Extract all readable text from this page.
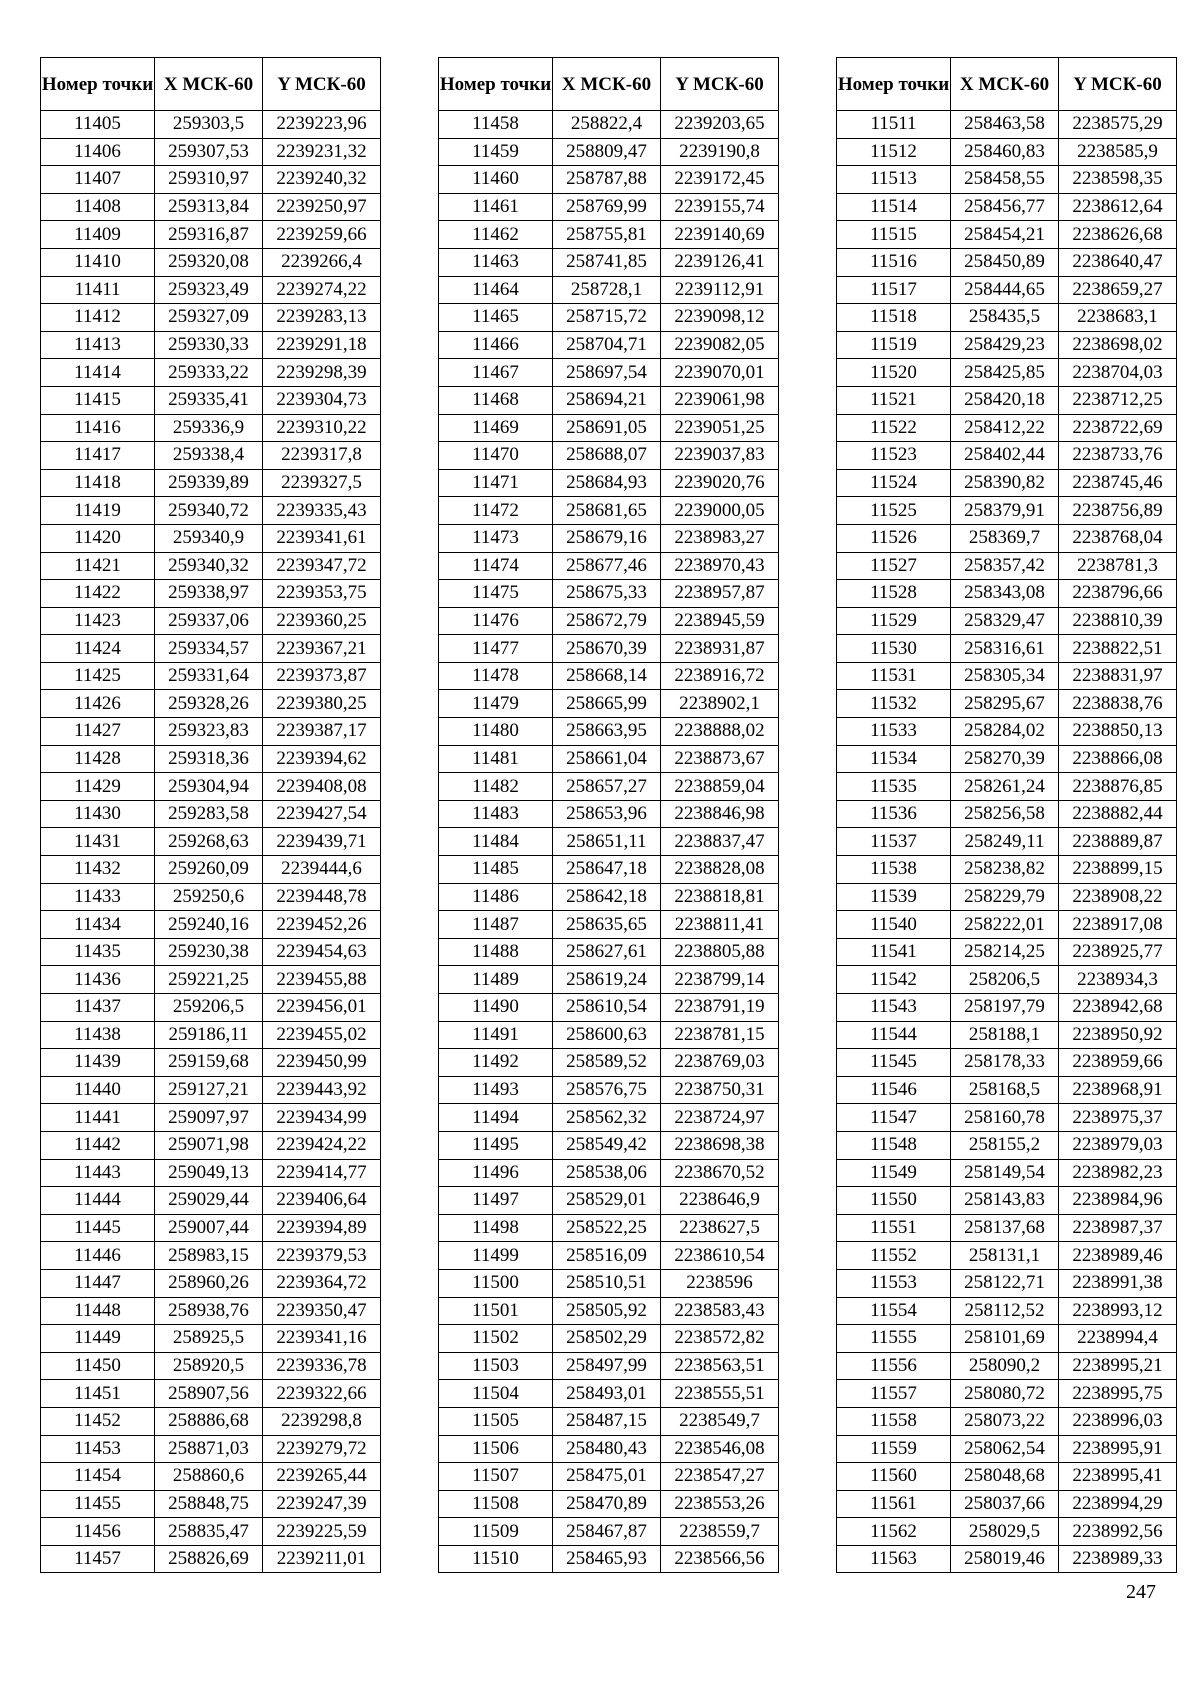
Номер точки	X МСК-60	Y МСК-60
11405	259303,5	2239223,96
11406	259307,53	2239231,32
11407	259310,97	2239240,32
11408	259313,84	2239250,97
11409	259316,87	2239259,66
11410	259320,08	2239266,4
11411	259323,49	2239274,22
11412	259327,09	2239283,13
11413	259330,33	2239291,18
11414	259333,22	2239298,39
11415	259335,41	2239304,73
11416	259336,9	2239310,22
11417	259338,4	2239317,8
11418	259339,89	2239327,5
11419	259340,72	2239335,43
11420	259340,9	2239341,61
11421	259340,32	2239347,72
11422	259338,97	2239353,75
11423	259337,06	2239360,25
11424	259334,57	2239367,21
11425	259331,64	2239373,87
11426	259328,26	2239380,25
11427	259323,83	2239387,17
11428	259318,36	2239394,62
11429	259304,94	2239408,08
11430	259283,58	2239427,54
11431	259268,63	2239439,71
11432	259260,09	2239444,6
11433	259250,6	2239448,78
11434	259240,16	2239452,26
11435	259230,38	2239454,63
11436	259221,25	2239455,88
11437	259206,5	2239456,01
11438	259186,11	2239455,02
11439	259159,68	2239450,99
11440	259127,21	2239443,92
11441	259097,97	2239434,99
11442	259071,98	2239424,22
11443	259049,13	2239414,77
11444	259029,44	2239406,64
11445	259007,44	2239394,89
11446	258983,15	2239379,53
11447	258960,26	2239364,72
11448	258938,76	2239350,47
11449	258925,5	2239341,16
11450	258920,5	2239336,78
11451	258907,56	2239322,66
11452	258886,68	2239298,8
11453	258871,03	2239279,72
11454	258860,6	2239265,44
11455	258848,75	2239247,39
11456	258835,47	2239225,59
11457	258826,69	2239211,01
Номер точки	X МСК-60	Y МСК-60
11458	258822,4	2239203,65
11459	258809,47	2239190,8
11460	258787,88	2239172,45
11461	258769,99	2239155,74
11462	258755,81	2239140,69
11463	258741,85	2239126,41
11464	258728,1	2239112,91
11465	258715,72	2239098,12
11466	258704,71	2239082,05
11467	258697,54	2239070,01
11468	258694,21	2239061,98
11469	258691,05	2239051,25
11470	258688,07	2239037,83
11471	258684,93	2239020,76
11472	258681,65	2239000,05
11473	258679,16	2238983,27
11474	258677,46	2238970,43
11475	258675,33	2238957,87
11476	258672,79	2238945,59
11477	258670,39	2238931,87
11478	258668,14	2238916,72
11479	258665,99	2238902,1
11480	258663,95	2238888,02
11481	258661,04	2238873,67
11482	258657,27	2238859,04
11483	258653,96	2238846,98
11484	258651,11	2238837,47
11485	258647,18	2238828,08
11486	258642,18	2238818,81
11487	258635,65	2238811,41
11488	258627,61	2238805,88
11489	258619,24	2238799,14
11490	258610,54	2238791,19
11491	258600,63	2238781,15
11492	258589,52	2238769,03
11493	258576,75	2238750,31
11494	258562,32	2238724,97
11495	258549,42	2238698,38
11496	258538,06	2238670,52
11497	258529,01	2238646,9
11498	258522,25	2238627,5
11499	258516,09	2238610,54
11500	258510,51	2238596
11501	258505,92	2238583,43
11502	258502,29	2238572,82
11503	258497,99	2238563,51
11504	258493,01	2238555,51
11505	258487,15	2238549,7
11506	258480,43	2238546,08
11507	258475,01	2238547,27
11508	258470,89	2238553,26
11509	258467,87	2238559,7
11510	258465,93	2238566,56
Номер точки	X МСК-60	Y МСК-60
11511	258463,58	2238575,29
11512	258460,83	2238585,9
11513	258458,55	2238598,35
11514	258456,77	2238612,64
11515	258454,21	2238626,68
11516	258450,89	2238640,47
11517	258444,65	2238659,27
11518	258435,5	2238683,1
11519	258429,23	2238698,02
11520	258425,85	2238704,03
11521	258420,18	2238712,25
11522	258412,22	2238722,69
11523	258402,44	2238733,76
11524	258390,82	2238745,46
11525	258379,91	2238756,89
11526	258369,7	2238768,04
11527	258357,42	2238781,3
11528	258343,08	2238796,66
11529	258329,47	2238810,39
11530	258316,61	2238822,51
11531	258305,34	2238831,97
11532	258295,67	2238838,76
11533	258284,02	2238850,13
11534	258270,39	2238866,08
11535	258261,24	2238876,85
11536	258256,58	2238882,44
11537	258249,11	2238889,87
11538	258238,82	2238899,15
11539	258229,79	2238908,22
11540	258222,01	2238917,08
11541	258214,25	2238925,77
11542	258206,5	2238934,3
11543	258197,79	2238942,68
11544	258188,1	2238950,92
11545	258178,33	2238959,66
11546	258168,5	2238968,91
11547	258160,78	2238975,37
11548	258155,2	2238979,03
11549	258149,54	2238982,23
11550	258143,83	2238984,96
11551	258137,68	2238987,37
11552	258131,1	2238989,46
11553	258122,71	2238991,38
11554	258112,52	2238993,12
11555	258101,69	2238994,4
11556	258090,2	2238995,21
11557	258080,72	2238995,75
11558	258073,22	2238996,03
11559	258062,54	2238995,91
11560	258048,68	2238995,41
11561	258037,66	2238994,29
11562	258029,5	2238992,56
11563	258019,46	2238989,33
247
